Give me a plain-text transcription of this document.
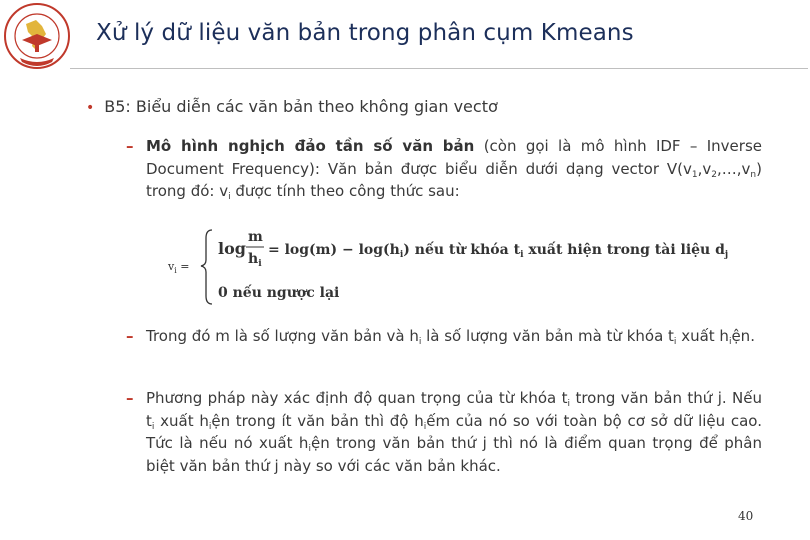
Xử lý dữ liệu văn bản trong phân cụm Kmeans
• B5: Biểu diễn các văn bản theo không gian vectơ
– Mô hình nghịch đảo tần số văn bản (còn gọi là mô hình IDF – Inverse Document Frequency): Văn bản được biểu diễn dưới dạng vector $V(v_1,v_2,\dots,v_n)$ trong đó: $v_i$ được tính theo công thức sau:
$v_i$ =
log
m
$h_i$
= $\log(m) - \log(h_i)$ nếu từ khóa $t_i$ xuất hiện trong tài liệu $d_j$
0 nếu ngược lại
– Trong đó m là số lượng văn bản và $h_i$ là số lượng văn bản mà từ khóa $t_i$ xuất $h_iện$.
– Phương pháp này xác định độ quan trọng của từ khóa $t_i$ trong văn bản thứ j. Nếu $t_i$ xuất $h_iện$ trong ít văn bản thì độ $h_iếm$ của nó so với toàn bộ cơ sở dữ liệu cao. Tức là nếu nó xuất $h_iện$ trong văn bản thứ j thì nó là điểm quan trọng để phân biệt văn bản thứ j này so với các văn bản khác.
40
